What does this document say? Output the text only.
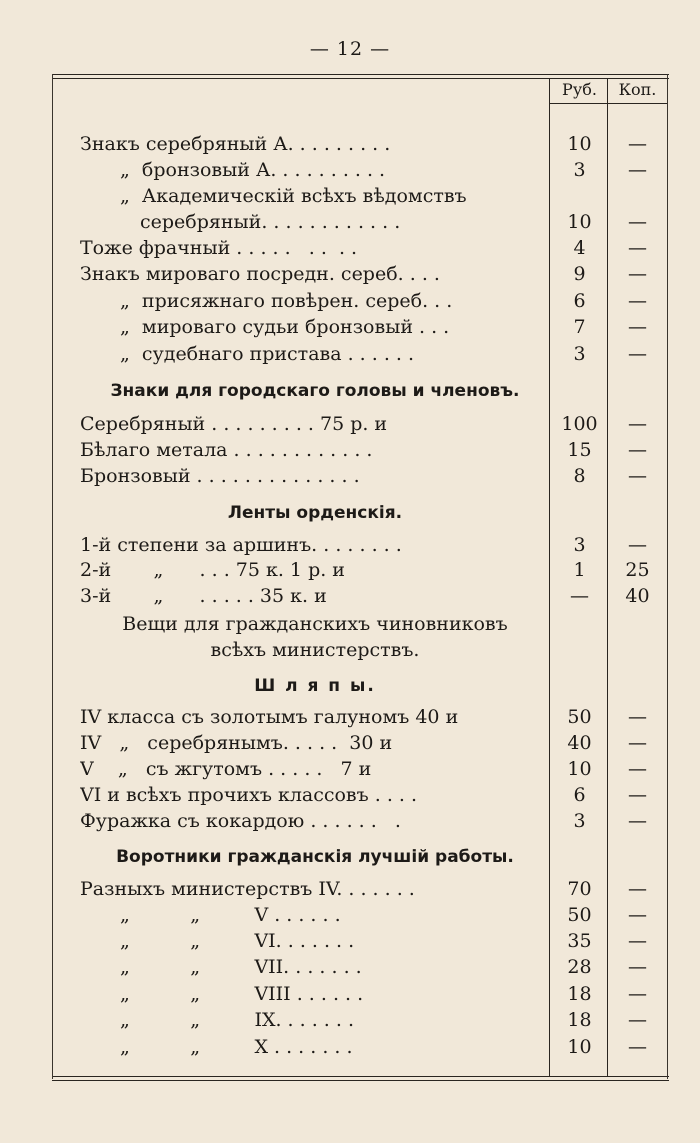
— 12 —
Руб.	Коп.
Знакъ серебряный А. . . . . . . . .	10	—
„  бронзовый А. . . . . . . . . .	3	—
„  Академическій всѣхъ вѣдомствъ
серебряный. . . . . . . . . . . .	10	—
Тоже фрачный . . . . .   . .  . .	4	—
Знакъ мироваго посредн. сереб. . . .	9	—
„  присяжнаго повѣрен. сереб. . .	6	—
„  мироваго судьи бронзовый . . .	7	—
„  судебнаго пристава . . . . . .	3	—
Знаки для городскаго головы и членовъ.
Серебряный . . . . . . . . . 75 р. и	100	—
Бѣлаго метала . . . . . . . . . . . .	15	—
Бронзовый . . . . . . . . . . . . . .	8	—
Ленты орденскія.
1-й степени за аршинъ. . . . . . . .	3	—
2-й       „      . . . 75 к. 1 р. и	1	25
3-й       „      . . . . . 35 к. и	—	40
Вещи для гражданскихъ чиновниковъ
всѣхъ министерствъ.
Ш л я п ы.
IV класса съ золотымъ галуномъ 40 и	50	—
IV   „   серебрянымъ. . . . .  30 и	40	—
V    „   съ жгутомъ . . . . .   7 и	10	—
VI и всѣхъ прочихъ классовъ . . . .	6	—
Фуражка съ кокардою . . . . . .   .	3	—
Воротники гражданскія лучшій работы.
Разныхъ министерствъ IV. . . . . . .	70	—
„          „         V . . . . . .	50	—
„          „         VI. . . . . . .	35	—
„          „         VII. . . . . . .	28	—
„          „         VIII . . . . . .	18	—
„          „         IX. . . . . . .	18	—
„          „         X . . . . . . .	10	—
